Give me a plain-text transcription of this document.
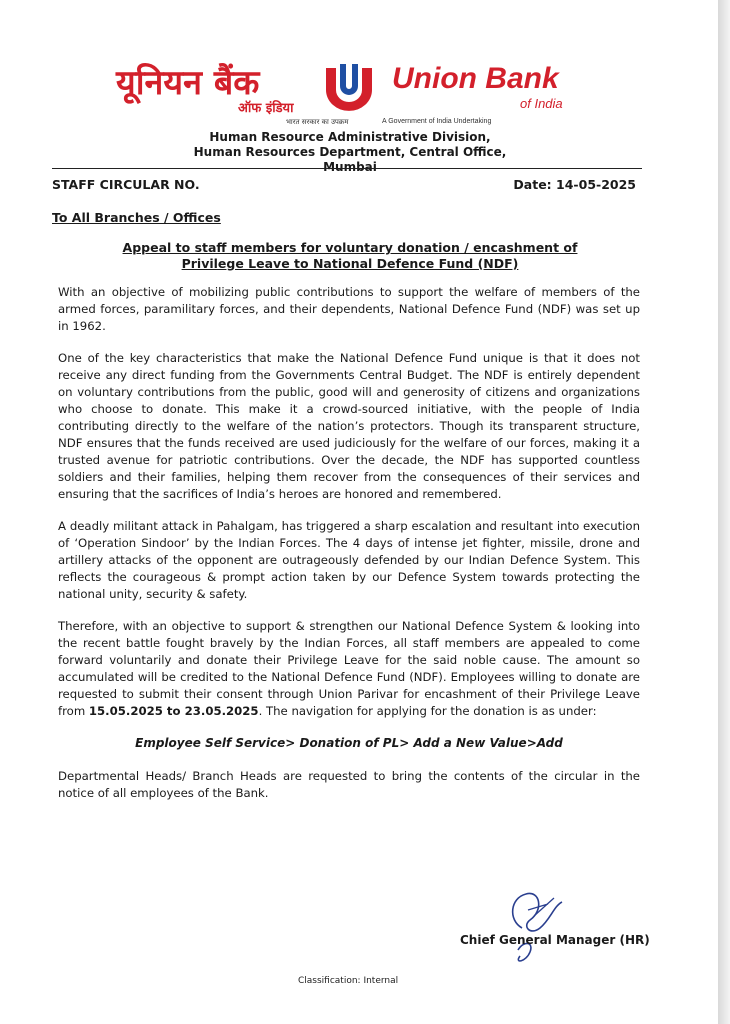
यूनियन बैंक
ऑफ इंडिया
Union Bank
of India
भारत सरकार का उपक्रम	A Government of India Undertaking
Human Resource Administrative Division,
Human Resources Department, Central Office, Mumbai
STAFF CIRCULAR NO.	Date: 14-05-2025
To All Branches / Offices
Appeal to staff members for voluntary donation / encashment of
Privilege Leave to National Defence Fund (NDF)

With an objective of mobilizing public contributions to support the welfare of members of the armed forces, paramilitary forces, and their dependents, National Defence Fund (NDF) was set up in 1962.

One of the key characteristics that make the National Defence Fund unique is that it does not receive any direct funding from the Governments Central Budget. The NDF is entirely dependent on voluntary contributions from the public, good will and generosity of citizens and organizations who choose to donate. This make it a crowd-sourced initiative, with the people of India contributing directly to the welfare of the nation’s protectors. Though its transparent structure, NDF ensures that the funds received are used judiciously for the welfare of our forces, making it a trusted avenue for patriotic contributions. Over the decade, the NDF has supported countless soldiers and their families, helping them recover from the consequences of their services and ensuring that the sacrifices of India’s heroes are honored and remembered.

A deadly militant attack in Pahalgam, has triggered a sharp escalation and resultant into execution of ‘Operation Sindoor’ by the Indian Forces. The 4 days of intense jet fighter, missile, drone and artillery attacks of the opponent are outrageously defended by our Indian Defence System. This reflects the courageous & prompt action taken by our Defence System towards protecting the national unity, security & safety.

Therefore, with an objective to support & strengthen our National Defence System & looking into the recent battle fought bravely by the Indian Forces, all staff members are appealed to come forward voluntarily and donate their Privilege Leave for the said noble cause. The amount so accumulated will be credited to the National Defence Fund (NDF). Employees willing to donate are requested to submit their consent through Union Parivar for encashment of their Privilege Leave from 15.05.2025 to 23.05.2025. The navigation for applying for the donation is as under:

Employee Self Service> Donation of PL> Add a New Value>Add

Departmental Heads/ Branch Heads are requested to bring the contents of the circular in the notice of all employees of the Bank.

Chief General Manager (HR)
Classification: Internal
